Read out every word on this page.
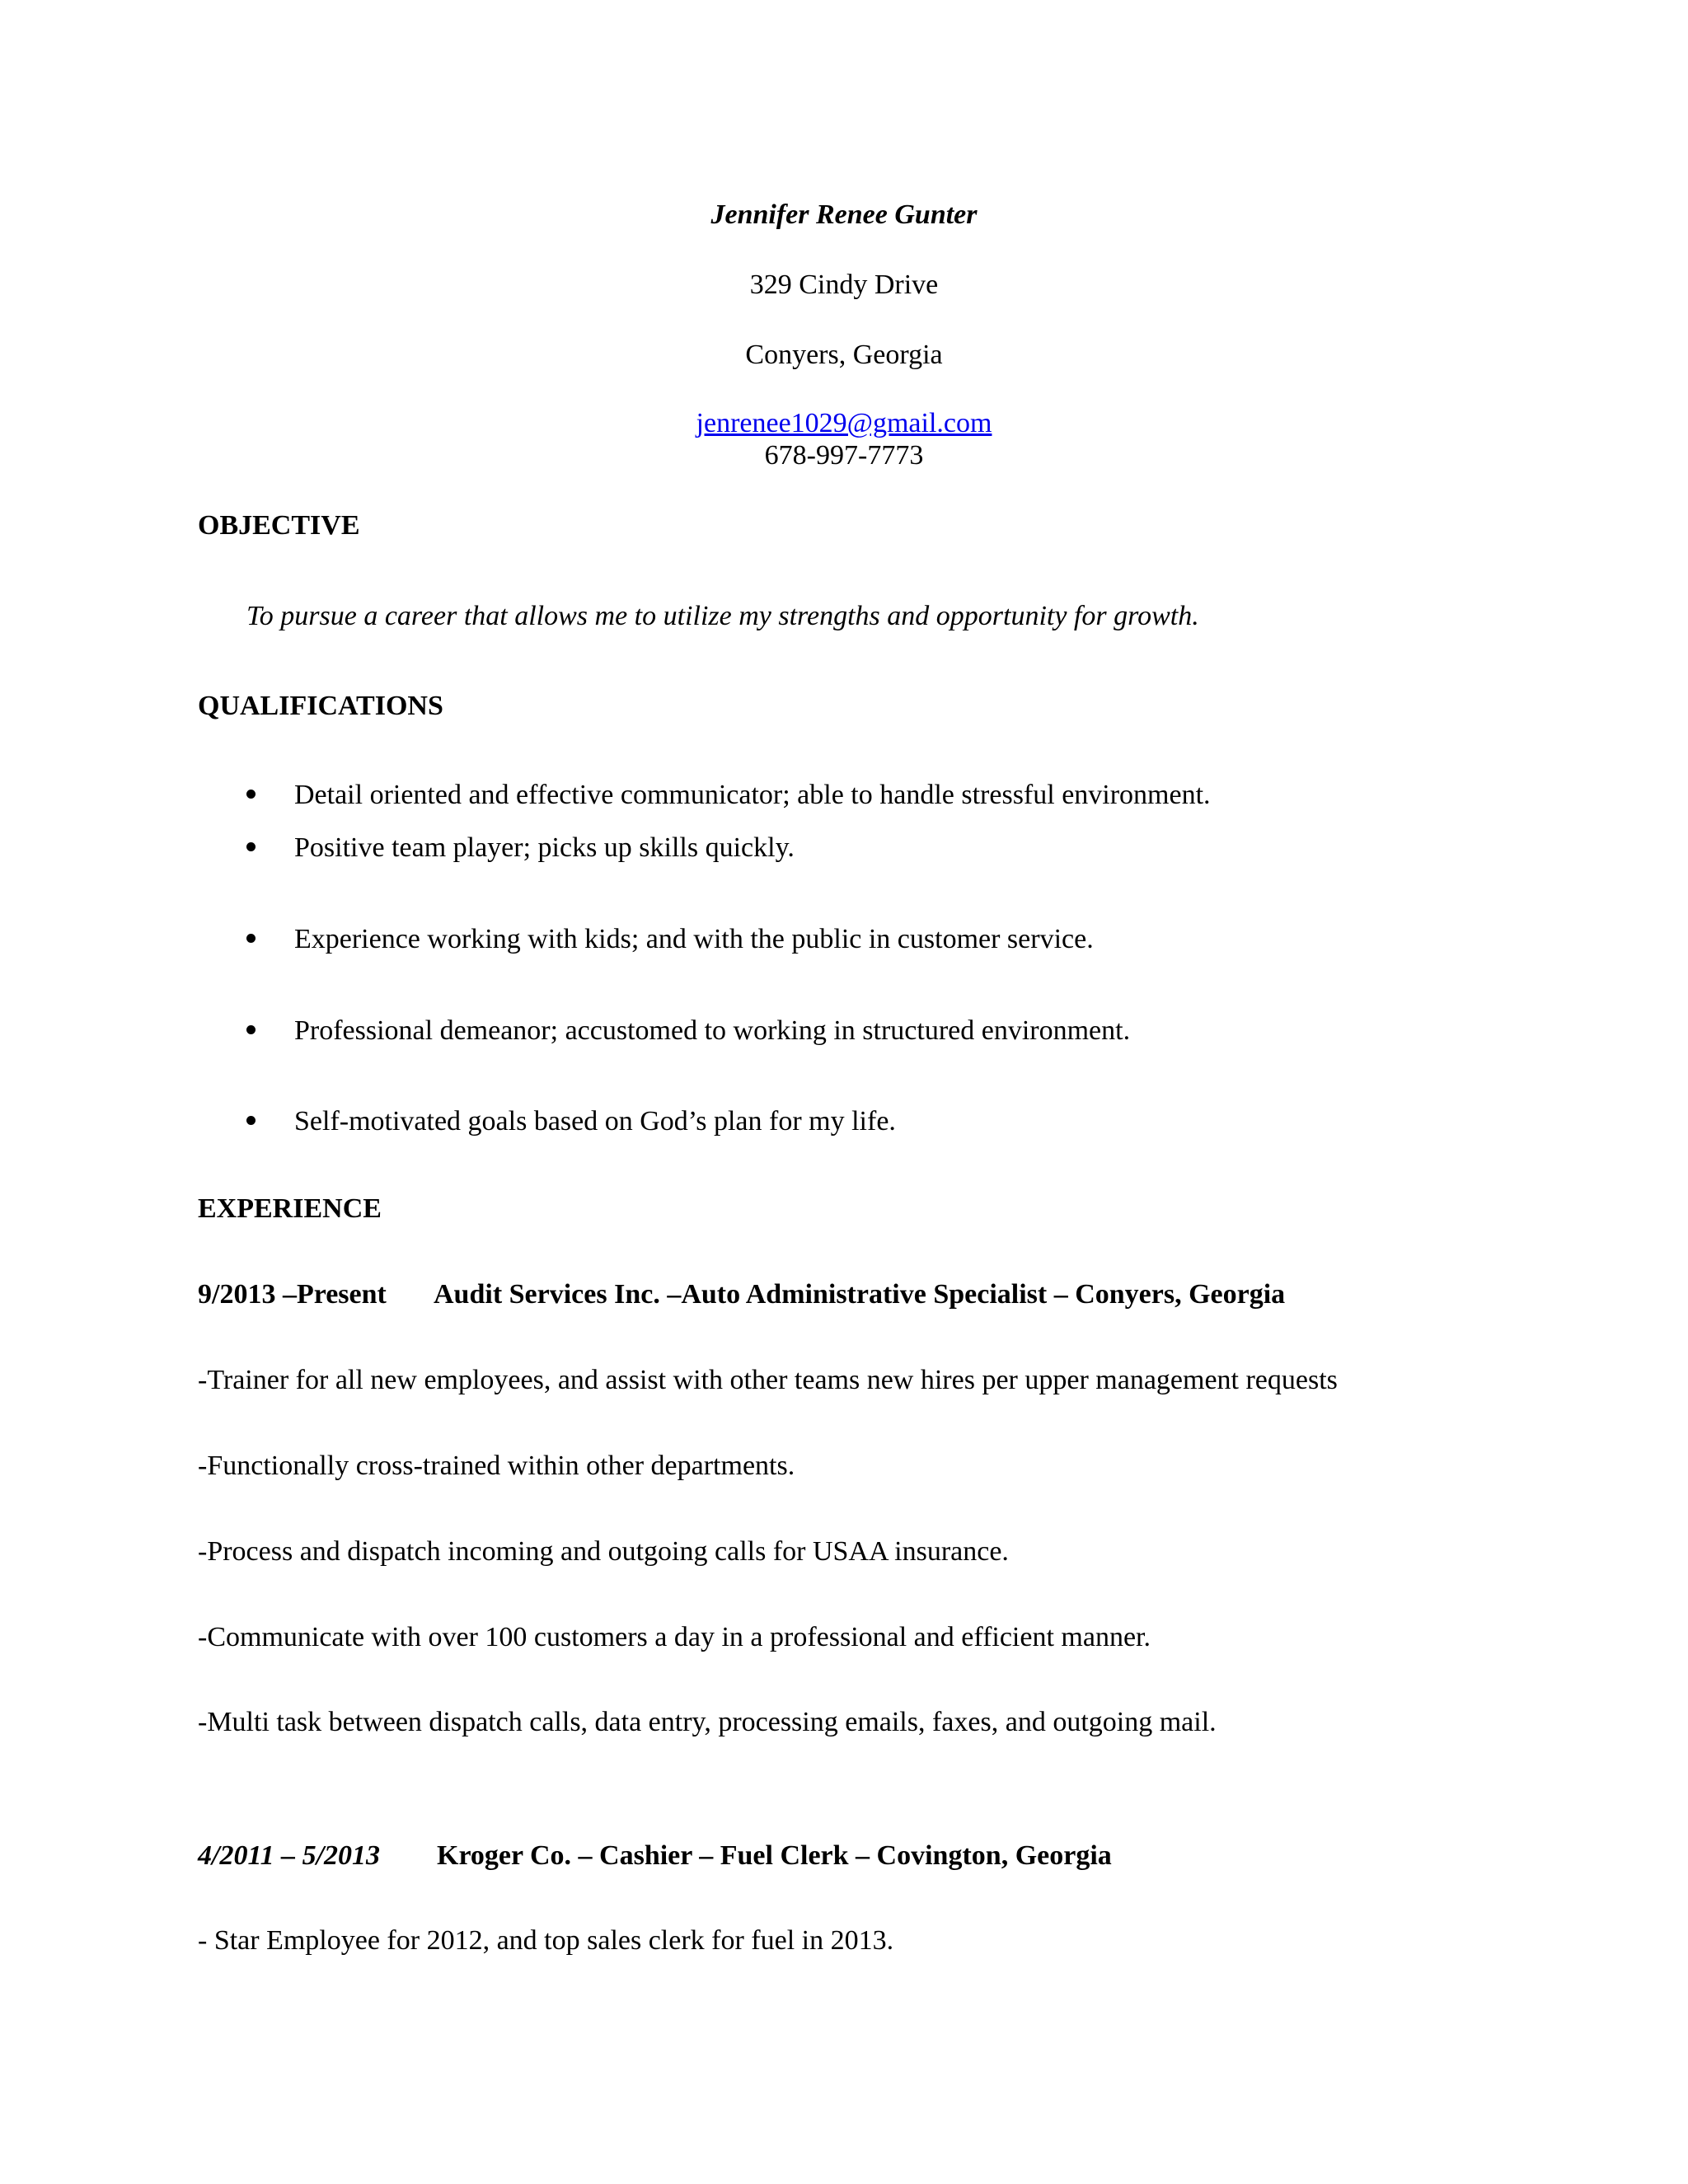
Jennifer Renee Gunter
329 Cindy Drive
Conyers, Georgia
jenrenee1029@gmail.com
678-997-7773
OBJECTIVE
To pursue a career that allows me to utilize my strengths and opportunity for growth.
QUALIFICATIONS
Detail oriented and effective communicator; able to handle stressful environment.
Positive team player; picks up skills quickly.
Experience working with kids; and with the public in customer service.
Professional demeanor; accustomed to working in structured environment.
Self-motivated goals based on God’s plan for my life.
EXPERIENCE
9/2013 –Present Audit Services Inc. –Auto Administrative Specialist – Conyers, Georgia
-Trainer for all new employees, and assist with other teams new hires per upper management requests
-Functionally cross-trained within other departments.
-Process and dispatch incoming and outgoing calls for USAA insurance.
-Communicate with over 100 customers a day in a professional and efficient manner.
-Multi task between dispatch calls, data entry, processing emails, faxes, and outgoing mail.
4/2011 – 5/2013 Kroger Co. – Cashier – Fuel Clerk – Covington, Georgia
- Star Employee for 2012, and top sales clerk for fuel in 2013.
